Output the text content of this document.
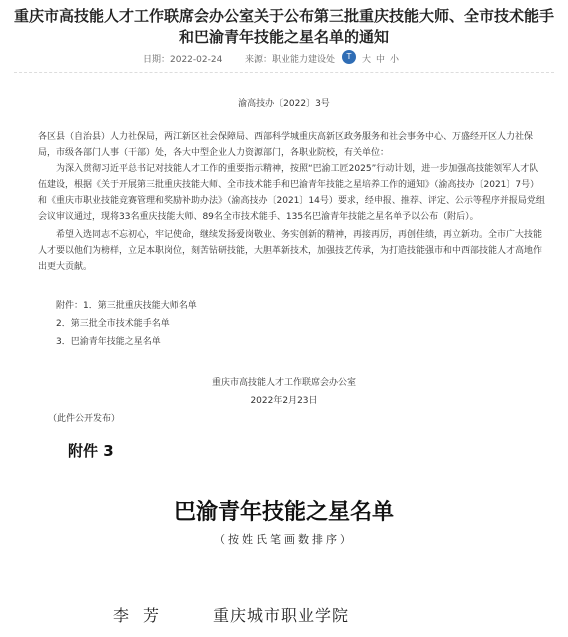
重庆市高技能人才工作联席会办公室关于公布第三批重庆技能大师、全市技术能手和巴渝青年技能之星名单的通知
日期：2022-02-24	来源：职业能力建设处	T	大 中 小
渝高技办〔2022〕3号

各区县（自治县）人力社保局，两江新区社会保障局、西部科学城重庆高新区政务服务和社会事务中心、万盛经开区人力社保局，市级各部门人事（干部）处，各大中型企业人力资源部门，各职业院校，有关单位：

为深入贯彻习近平总书记对技能人才工作的重要指示精神，按照“巴渝工匠2025”行动计划，进一步加强高技能领军人才队伍建设，根据《关于开展第三批重庆技能大师、全市技术能手和巴渝青年技能之星培养工作的通知》（渝高技办〔2021〕7号）和《重庆市职业技能竞赛管理和奖励补助办法》（渝高技办〔2021〕14号）要求，经申报、推荐、评定、公示等程序并报局党组会议审议通过，现将33名重庆技能大师、89名全市技术能手、135名巴渝青年技能之星名单予以公布（附后）。

希望入选同志不忘初心，牢记使命，继续发扬爱岗敬业、务实创新的精神，再接再厉，再创佳绩，再立新功。全市广大技能人才要以他们为榜样，立足本职岗位，刻苦钻研技能，大胆革新技术，加强技艺传承，为打造技能强市和中西部技能人才高地作出更大贡献。

附件：1．第三批重庆技能大师名单
2．第三批全市技术能手名单
3．巴渝青年技能之星名单
重庆市高技能人才工作联席会办公室
2022年2月23日
（此件公开发布）
附件 3
巴渝青年技能之星名单
（按姓氏笔画数排序）
李芳 重庆城市职业学院
